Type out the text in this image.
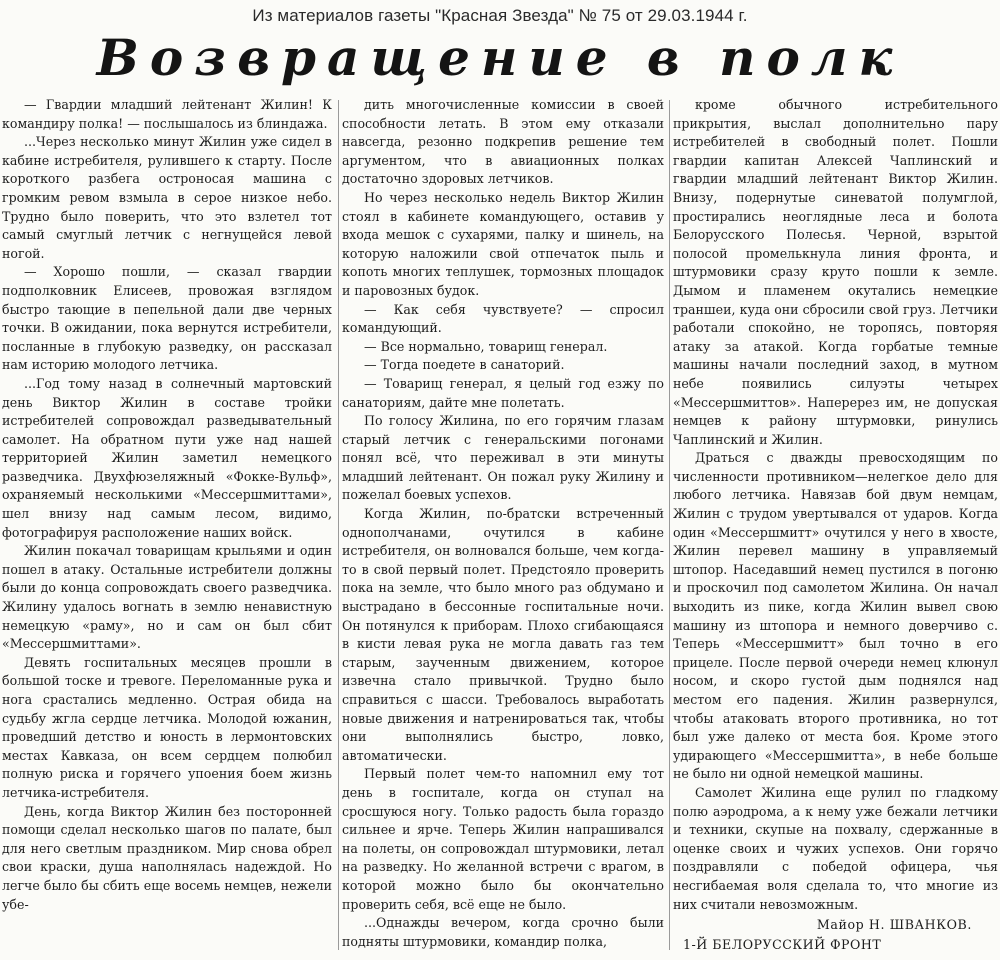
Из материалов газеты "Красная Звезда" № 75 от 29.03.1944 г.
Возвращение в полк

— Гвардии младший лейтенант Жилин! К командиру полка! — послышалось из блиндажа.

...Через несколько минут Жилин уже сидел в кабине истребителя, рулившего к старту. После короткого разбега остроносая машина с громким ревом взмыла в серое низкое небо. Трудно было поверить, что это взлетел тот самый смуглый летчик с негнущейся левой ногой.

— Хорошо пошли, — сказал гвардии подполковник Елисеев, провожая взглядом быстро тающие в пепельной дали две черных точки. В ожидании, пока вернутся истребители, посланные в глубокую разведку, он рассказал нам историю молодого летчика.

...Год тому назад в солнечный мартовский день Виктор Жилин в составе тройки истребителей сопровождал разведывательный самолет. На обратном пути уже над нашей территорией Жилин заметил немецкого разведчика. Двухфюзеляжный «Фокке-Вульф», охраняемый несколькими «Мессершмиттами», шел внизу над самым лесом, видимо, фотографируя расположение наших войск.

Жилин покачал товарищам крыльями и один пошел в атаку. Остальные истребители должны были до конца сопровождать своего разведчика. Жилину удалось вогнать в землю ненавистную немецкую «раму», но и сам он был сбит «Мессершмиттами».

Девять госпитальных месяцев прошли в большой тоске и тревоге. Переломанные рука и нога срастались медленно. Острая обида на судьбу жгла сердце летчика. Молодой южанин, проведший детство и юность в лермонтовских местах Кавказа, он всем сердцем полюбил полную риска и горячего упоения боем жизнь летчика-истребителя.

День, когда Виктор Жилин без посторонней помощи сделал несколько шагов по палате, был для него светлым праздником. Мир снова обрел свои краски, душа наполнялась надеждой. Но легче было бы сбить еще восемь немцев, нежели убе-

дить многочисленные комиссии в своей способности летать. В этом ему отказали навсегда, резонно подкрепив решение тем аргументом, что в авиационных полках достаточно здоровых летчиков.

Но через несколько недель Виктор Жилин стоял в кабинете командующего, оставив у входа мешок с сухарями, палку и шинель, на которую наложили свой отпечаток пыль и копоть многих теплушек, тормозных площадок и паровозных будок.

— Как себя чувствуете? — спросил командующий.

— Все нормально, товарищ генерал.

— Тогда поедете в санаторий.

— Товарищ генерал, я целый год езжу по санаториям, дайте мне полетать.

По голосу Жилина, по его горячим глазам старый летчик с генеральскими погонами понял всё, что переживал в эти минуты младший лейтенант. Он пожал руку Жилину и пожелал боевых успехов.

Когда Жилин, по-братски встреченный однополчанами, очутился в кабине истребителя, он волновался больше, чем когда-то в свой первый полет. Предстояло проверить пока на земле, что было много раз обдумано и выстрадано в бессонные госпитальные ночи. Он потянулся к приборам. Плохо сгибающаяся в кисти левая рука не могла давать газ тем старым, заученным движением, которое извечна стало привычкой. Трудно было справиться с шасси. Требовалось выработать новые движения и натренироваться так, чтобы они выполнялись быстро, ловко, автоматически.

Первый полет чем-то напомнил ему тот день в госпитале, когда он ступал на сросшуюся ногу. Только радость была гораздо сильнее и ярче. Теперь Жилин напрашивался на полеты, он сопровождал штурмовики, летал на разведку. Но желанной встречи с врагом, в которой можно было бы окончательно проверить себя, всё еще не было.

...Однажды вечером, когда срочно были подняты штурмовики, командир полка,

кроме обычного истребительного прикрытия, выслал дополнительно пару истребителей в свободный полет. Пошли гвардии капитан Алексей Чаплинский и гвардии младший лейтенант Виктор Жилин. Внизу, подернутые синеватой полумглой, простирались неоглядные леса и болота Белорусского Полесья. Черной, взрытой полосой промелькнула линия фронта, и штурмовики сразу круто пошли к земле. Дымом и пламенем окутались немецкие траншеи, куда они сбросили свой груз. Летчики работали спокойно, не торопясь, повторяя атаку за атакой. Когда горбатые темные машины начали последний заход, в мутном небе появились силуэты четырех «Мессершмиттов». Наперерез им, не допуская немцев к району штурмовки, ринулись Чаплинский и Жилин.

Драться с дважды превосходящим по численности противником—нелегкое дело для любого летчика. Навязав бой двум немцам, Жилин с трудом увертывался от ударов. Когда один «Мессершмитт» очутился у него в хвосте, Жилин перевел машину в управляемый штопор. Наседавший немец пустился в погоню и проскочил под самолетом Жилина. Он начал выходить из пике, когда Жилин вывел свою машину из штопора и немного доверчиво с. Теперь «Мессершмитт» был точно в его прицеле. После первой очереди немец клюнул носом, и скоро густой дым поднялся над местом его падения. Жилин развернулся, чтобы атаковать второго противника, но тот был уже далеко от места боя. Кроме этого удирающего «Мессершмитта», в небе больше не было ни одной немецкой машины.

Самолет Жилина еще рулил по гладкому полю аэродрома, а к нему уже бежали летчики и техники, скупые на похвалу, сдержанные в оценке своих и чужих успехов. Они горячо поздравляли с победой офицера, чья несгибаемая воля сделала то, что многие из них считали невозможным.

Майор Н. ШВАНКОВ.
1-Й БЕЛОРУССКИЙ ФРОНТ
